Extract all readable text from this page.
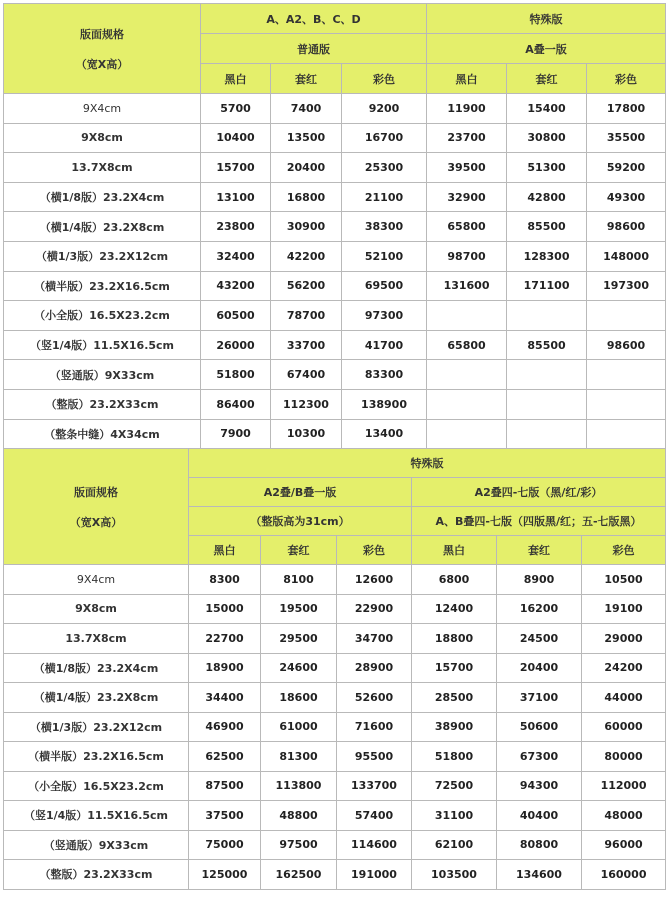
版面规格
（宽X高）	A、A2、B、C、D			特殊版		
	普通版			A叠一版		
	黑白	套红	彩色	黑白	套红	彩色
9X4cm	5700	7400	9200	11900	15400	17800
9X8cm	10400	13500	16700	23700	30800	35500
13.7X8cm	15700	20400	25300	39500	51300	59200
（横1/8版）23.2X4cm	13100	16800	21100	32900	42800	49300
（横1/4版）23.2X8cm	23800	30900	38300	65800	85500	98600
（横1/3版）23.2X12cm	32400	42200	52100	98700	128300	148000
（横半版）23.2X16.5cm	43200	56200	69500	131600	171100	197300
（小全版）16.5X23.2cm	60500	78700	97300			
（竖1/4版）11.5X16.5cm	26000	33700	41700	65800	85500	98600
（竖通版）9X33cm	51800	67400	83300			
（整版）23.2X33cm	86400	112300	138900			
（整条中缝）4X34cm	7900	10300	13400			
版面规格
（宽X高）	特殊版					
	A2叠/B叠一版			A2叠四-七版（黑/红/彩）		
	（整版高为31cm）			A、B叠四-七版（四版黑/红；五-七版黑）		
	黑白	套红	彩色	黑白	套红	彩色
9X4cm	8300	8100	12600	6800	8900	10500
9X8cm	15000	19500	22900	12400	16200	19100
13.7X8cm	22700	29500	34700	18800	24500	29000
（横1/8版）23.2X4cm	18900	24600	28900	15700	20400	24200
（横1/4版）23.2X8cm	34400	18600	52600	28500	37100	44000
（横1/3版）23.2X12cm	46900	61000	71600	38900	50600	60000
（横半版）23.2X16.5cm	62500	81300	95500	51800	67300	80000
（小全版）16.5X23.2cm	87500	113800	133700	72500	94300	112000
（竖1/4版）11.5X16.5cm	37500	48800	57400	31100	40400	48000
（竖通版）9X33cm	75000	97500	114600	62100	80800	96000
（整版）23.2X33cm	125000	162500	191000	103500	134600	160000
